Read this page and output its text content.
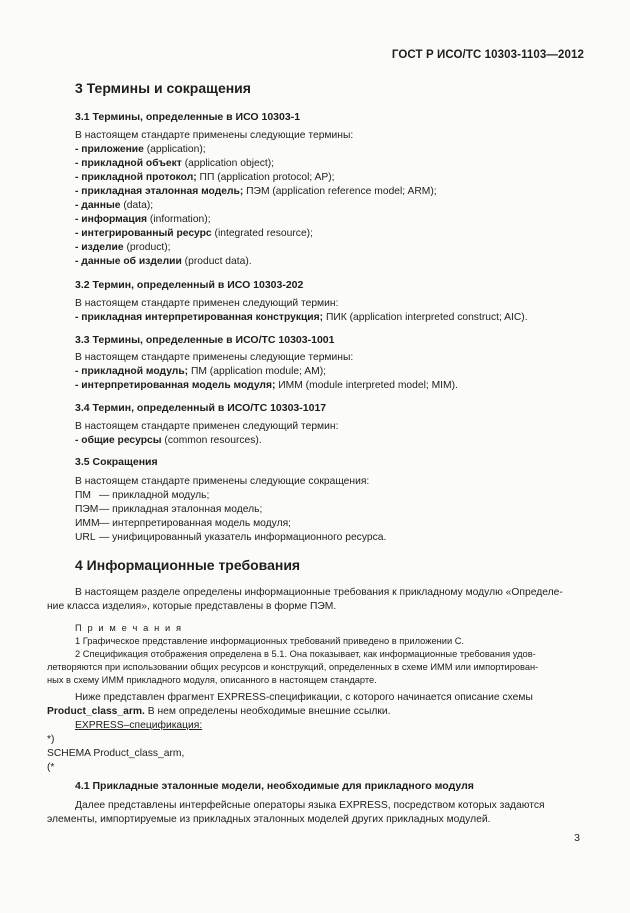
ГОСТ Р ИСО/ТС 10303-1103—2012
3 Термины и сокращения
3.1 Термины, определенные в ИСО 10303-1
В настоящем стандарте применены следующие термины:
- приложение (application);
- прикладной объект (application object);
- прикладной протокол; ПП (application protocol; AP);
- прикладная эталонная модель; ПЭМ (application reference model; ARM);
- данные (data);
- информация (information);
- интегрированный ресурс (integrated resource);
- изделие (product);
- данные об изделии (product data).
3.2 Термин, определенный в ИСО 10303-202
В настоящем стандарте применен следующий термин:
- прикладная интерпретированная конструкция; ПИК (application interpreted construct; AIC).
3.3 Термины, определенные в ИСО/ТС 10303-1001
В настоящем стандарте применены следующие термины:
- прикладной модуль; ПМ (application module; AM);
- интерпретированная модель модуля; ИММ (module interpreted model; MIM).
3.4 Термин, определенный в ИСО/ТС 10303-1017
В настоящем стандарте применен следующий термин:
- общие ресурсы (common resources).
3.5 Сокращения
В настоящем стандарте применены следующие сокращения:
ПМ — прикладной модуль;
ПЭМ— прикладная эталонная модель;
ИММ— интерпретированная модель модуля;
URL — унифицированный указатель информационного ресурса.
4 Информационные требования
В настоящем разделе определены информационные требования к прикладному модулю «Определе-
ние класса изделия», которые представлены в форме ПЭМ.
П р и м е ч а н и я
1 Графическое представление информационных требований приведено в приложении С.
2 Спецификация отображения определена в 5.1. Она показывает, как информационные требования удов-
летворяются при использовании общих ресурсов и конструкций, определенных в схеме ИММ или импортирован-
ных в схему ИММ прикладного модуля, описанного в настоящем стандарте.
Ниже представлен фрагмент EXPRESS-спецификации, с которого начинается описание схемы
Product_class_arm. В нем определены необходимые внешние ссылки.
EXPRESS–спецификация:
*)
SCHEMA Product_class_arm,
(*
4.1 Прикладные эталонные модели, необходимые для прикладного модуля
Далее представлены интерфейсные операторы языка EXPRESS, посредством которых задаются
элементы, импортируемые из прикладных эталонных моделей других прикладных модулей.
3
